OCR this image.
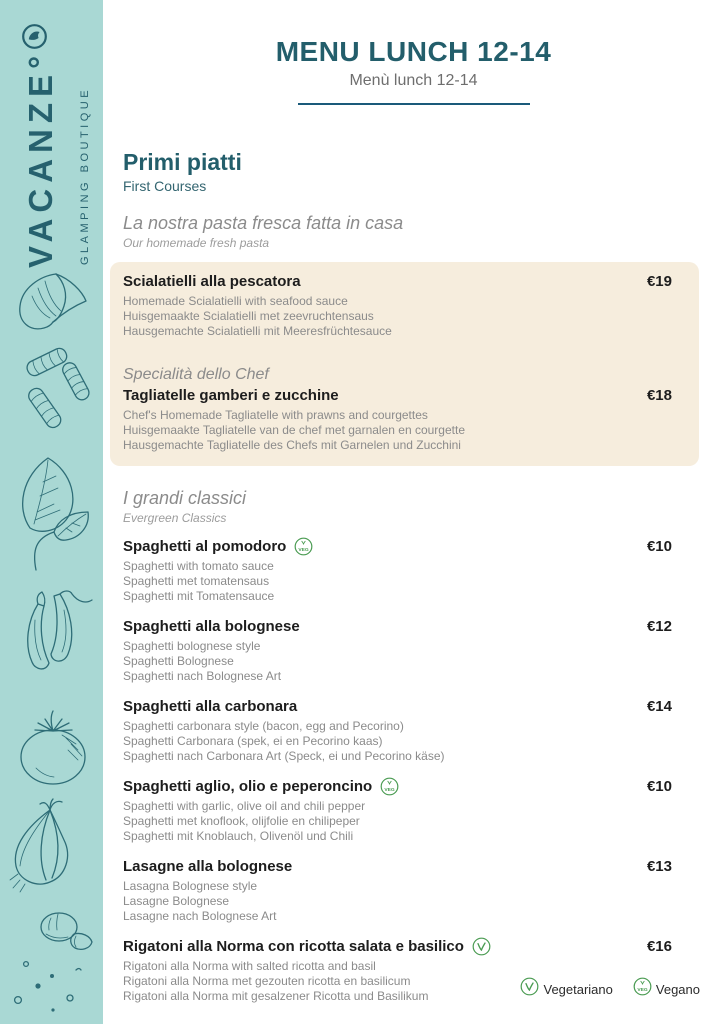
VACANZE° GLAMPING BOUTIQUE
MENU LUNCH 12-14
Menù lunch 12-14
Primi piatti
First Courses
La nostra pasta fresca fatta in casa
Our homemade fresh pasta
Scialatielli alla pescatora	€19
Homemade Scialatielli with seafood sauce
Huisgemaakte Scialatielli met zeevruchtensaus
Hausgemachte Scialatielli mit Meeresfrüchtesauce
Specialità dello Chef
Tagliatelle gamberi e zucchine	€18
Chef's Homemade Tagliatelle with prawns and courgettes
Huisgemaakte Tagliatelle van de chef met garnalen en courgette
Hausgemachte Tagliatelle des Chefs mit Garnelen und Zucchini
I grandi classici
Evergreen Classics
Spaghetti al pomodoro VEG	€10
Spaghetti with tomato sauce
Spaghetti met tomatensaus
Spaghetti mit Tomatensauce
Spaghetti alla bolognese	€12
Spaghetti bolognese style
Spaghetti Bolognese
Spaghetti nach Bolognese Art
Spaghetti alla carbonara	€14
Spaghetti carbonara style (bacon, egg and Pecorino)
Spaghetti Carbonara (spek, ei en Pecorino kaas)
Spaghetti nach Carbonara Art (Speck, ei und Pecorino käse)
Spaghetti aglio, olio e peperoncino VEG	€10
Spaghetti with garlic, olive oil and chili pepper
Spaghetti met knoflook, olijfolie en chilipeper
Spaghetti mit Knoblauch, Olivenöl und Chili
Lasagne alla bolognese	€13
Lasagna Bolognese style
Lasagne Bolognese
Lasagne nach Bolognese Art
Rigatoni alla Norma con ricotta salata e basilico	€16
Rigatoni alla Norma with salted ricotta and basil
Rigatoni alla Norma met gezouten ricotta en basilicum
Rigatoni alla Norma mit gesalzener Ricotta und Basilikum	Vegetariano	VEG Vegano
